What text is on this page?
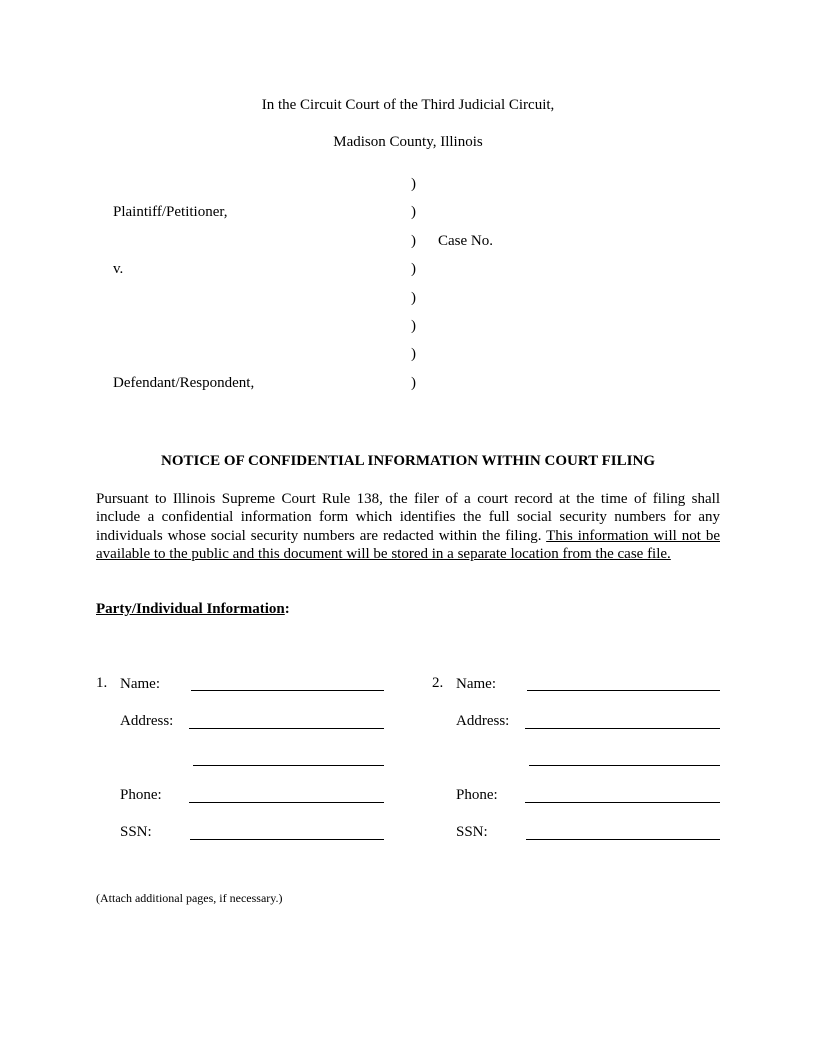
In the Circuit Court of the Third Judicial Circuit,
Madison County, Illinois
)
)
)
)
)
)
)
)
Plaintiff/Petitioner,
Case No.
v.
Defendant/Respondent,
NOTICE OF CONFIDENTIAL INFORMATION WITHIN COURT FILING
Pursuant to Illinois Supreme Court Rule 138, the filer of a court record at the time of filing shall include a confidential information form which identifies the full social security numbers for any individuals whose social security numbers are redacted within the filing. This information will not be available to the public and this document will be stored in a separate location from the case file.
Party/Individual Information:
1. Name:
Address:
Phone:
SSN:
2. Name:
Address:
Phone:
SSN:
(Attach additional pages, if necessary.)
